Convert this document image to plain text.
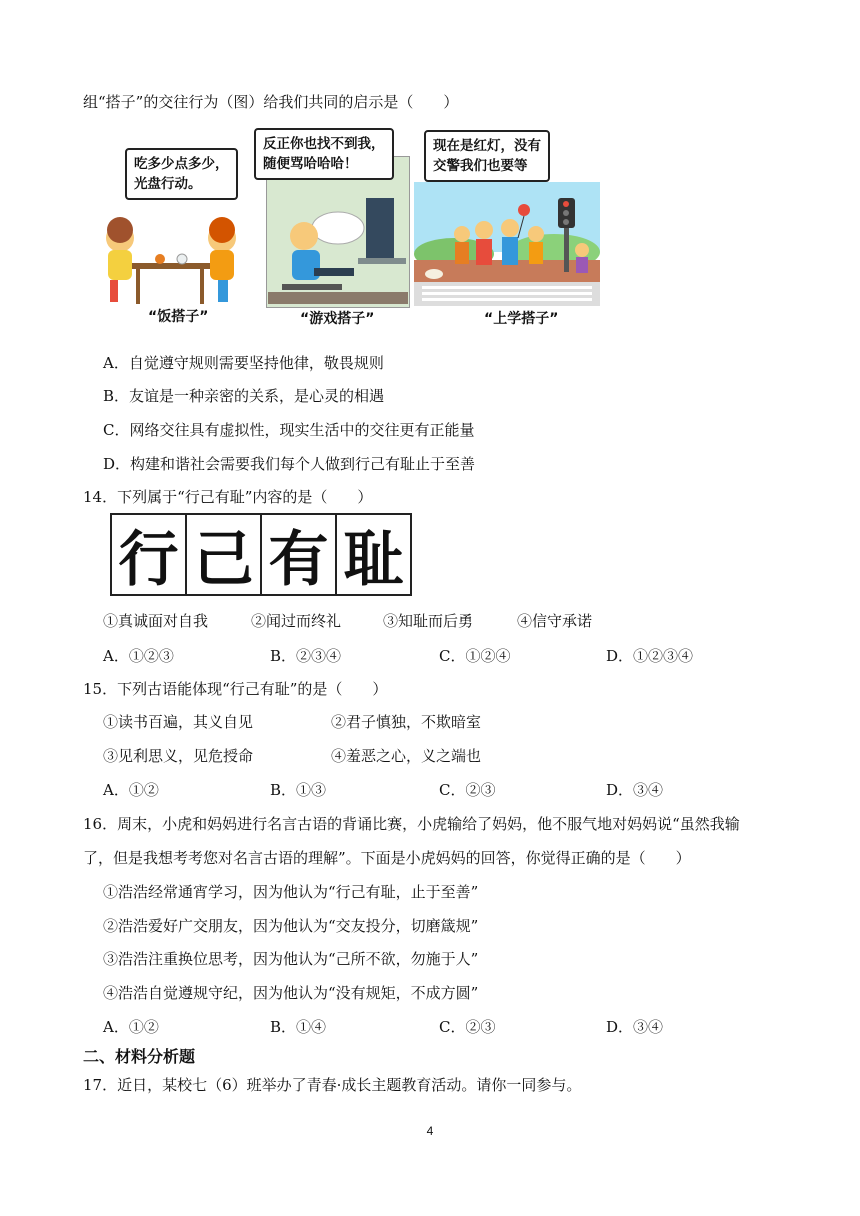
组“搭子”的交往行为（图）给我们共同的启示是（　　）
吃多少点多少，
光盘行动。
“饭搭子”
反正你也找不到我，
随便骂哈哈哈！
“游戏搭子”
现在是红灯，没有
交警我们也要等
“上学搭子”
A．自觉遵守规则需要坚持他律，敬畏规则
B．友谊是一种亲密的关系，是心灵的相遇
C．网络交往具有虚拟性，现实生活中的交往更有正能量
D．构建和谐社会需要我们每个人做到行己有耻止于至善
14．下列属于“行己有耻”内容的是（　　）
行 己 有 耻
①真诚面对自我	②闻过而终礼	③知耻而后勇	④信守承诺
A．①②③	B．②③④	C．①②④	D．①②③④
15．下列古语能体现“行己有耻”的是（　　）
①读书百遍，其义自见	②君子慎独，不欺暗室
③见利思义，见危授命	④羞恶之心，义之端也
A．①②	B．①③	C．②③	D．③④
16．周末，小虎和妈妈进行名言古语的背诵比赛，小虎输给了妈妈，他不服气地对妈妈说“虽然我输
了，但是我想考考您对名言古语的理解”。下面是小虎妈妈的回答，你觉得正确的是（　　）
①浩浩经常通宵学习，因为他认为“行己有耻，止于至善”
②浩浩爱好广交朋友，因为他认为“交友投分，切磨箴规”
③浩浩注重换位思考，因为他认为“己所不欲，勿施于人”
④浩浩自觉遵规守纪，因为他认为“没有规矩，不成方圆”
A．①②	B．①④	C．②③	D．③④
二、材料分析题
17．近日，某校七（6）班举办了青春·成长主题教育活动。请你一同参与。
4
